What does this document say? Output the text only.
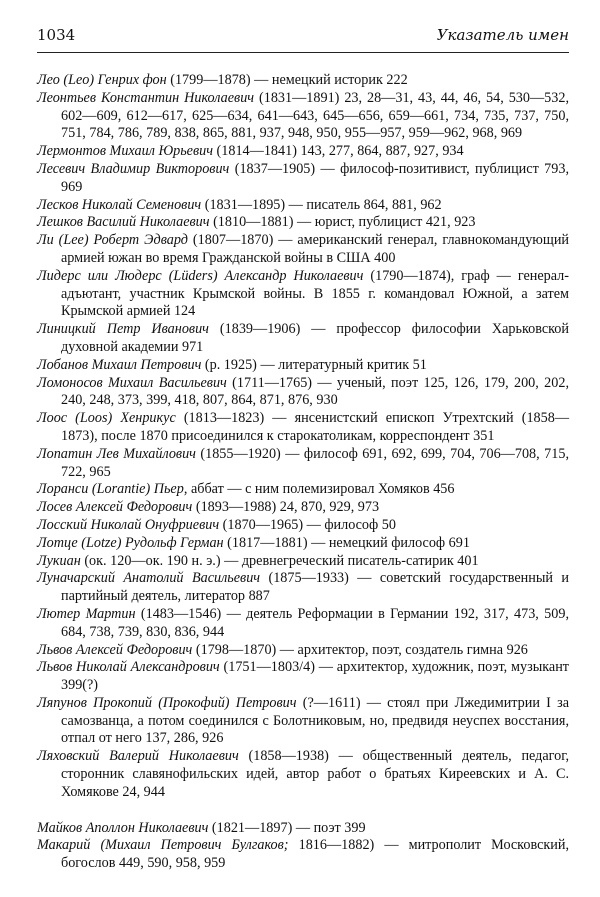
1034	Указатель имен

Лео (Leo) Генрих фон (1799—1878) — немецкий историк 222

Леонтьев Константин Николаевич (1831—1891) 23, 28—31, 43, 44, 46, 54, 530—532, 602—609, 612—617, 625—634, 641—643, 645—656, 659—661, 734, 735, 737, 750, 751, 784, 786, 789, 838, 865, 881, 937, 948, 950, 955—957, 959—962, 968, 969

Лермонтов Михаил Юрьевич (1814—1841) 143, 277, 864, 887, 927, 934

Лесевич Владимир Викторович (1837—1905) — философ-позитивист, публицист 793, 969

Лесков Николай Семенович (1831—1895) — писатель 864, 881, 962

Лешков Василий Николаевич (1810—1881) — юрист, публицист 421, 923

Ли (Lee) Роберт Эдвард (1807—1870) — американский генерал, главнокомандующий армией южан во время Гражданской войны в США 400

Лидерс или Людерс (Lüders) Александр Николаевич (1790—1874), граф — генерал-адъютант, участник Крымской войны. В 1855 г. командовал Южной, а затем Крымской армией 124

Линицкий Петр Иванович (1839—1906) — профессор философии Харьковской духовной академии 971

Лобанов Михаил Петрович (р. 1925) — литературный критик 51

Ломоносов Михаил Васильевич (1711—1765) — ученый, поэт 125, 126, 179, 200, 202, 240, 248, 373, 399, 418, 807, 864, 871, 876, 930

Лоос (Loos) Хенрикус (1813—1823) — янсенистский епископ Утрехтский (1858—1873), после 1870 присоединился к старокатоликам, корреспондент 351

Лопатин Лев Михайлович (1855—1920) — философ 691, 692, 699, 704, 706—708, 715, 722, 965

Лоранси (Lorantie) Пьер, аббат — с ним полемизировал Хомяков 456

Лосев Алексей Федорович (1893—1988) 24, 870, 929, 973

Лосский Николай Онуфриевич (1870—1965) — философ 50

Лотце (Lotze) Рудольф Герман (1817—1881) — немецкий философ 691

Лукиан (ок. 120—ок. 190 н. э.) — древнегреческий писатель-сатирик 401

Луначарский Анатолий Васильевич (1875—1933) — советский государственный и партийный деятель, литератор 887

Лютер Мартин (1483—1546) — деятель Реформации в Германии 192, 317, 473, 509, 684, 738, 739, 830, 836, 944

Львов Алексей Федорович (1798—1870) — архитектор, поэт, создатель гимна 926

Львов Николай Александрович (1751—1803/4) — архитектор, художник, поэт, музыкант 399(?)

Ляпунов Прокопий (Прокофий) Петрович (?—1611) — стоял при Лжедимитрии I за самозванца, а потом соединился с Болотниковым, но, предвидя неуспех восстания, отпал от него 137, 286, 926

Ляховский Валерий Николаевич (1858—1938) — общественный деятель, педагог, сторонник славянофильских идей, автор работ о братьях Киреевских и А. С. Хомякове 24, 944

Майков Аполлон Николаевич (1821—1897) — поэт 399

Макарий (Михаил Петрович Булгаков; 1816—1882) — митрополит Московский, богослов 449, 590, 958, 959
